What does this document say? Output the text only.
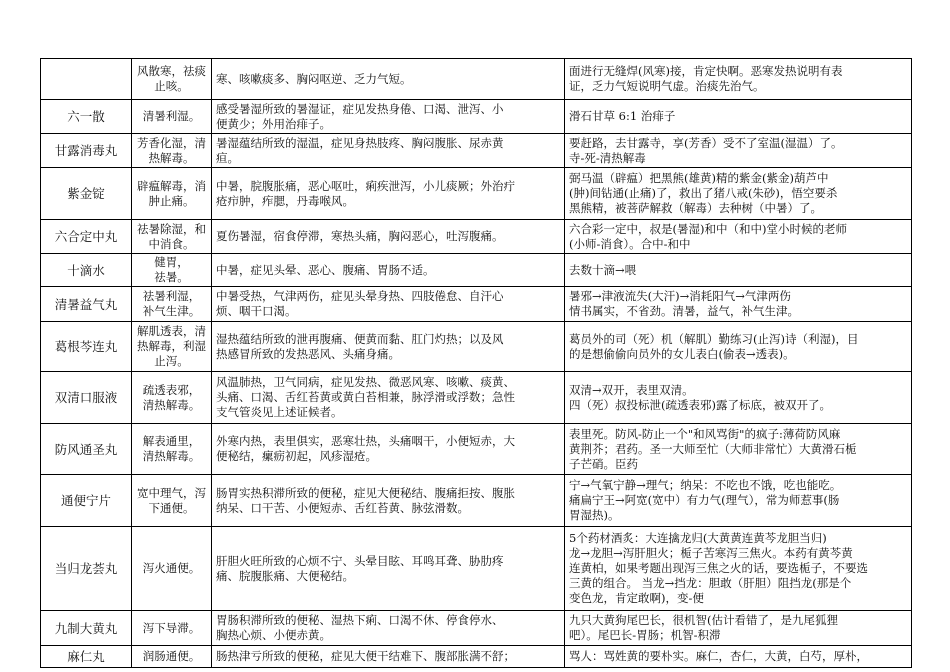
	风散寒，祛痰
止咳。	寒、咳嗽痰多、胸闷呕逆、乏力气短。	面进行无缝焊(风寒)接，肯定快啊。恶寒发热说明有表
证，乏力气短说明气虚。治痰先治气。

六一散	清暑利湿。	感受暑湿所致的暑湿证，症见发热身倦、口渴、泄泻、小
便黄少；外用治痱子。	滑石甘草 6:1 治痱子

甘露消毒丸	芳香化湿，清
热解毒。	暑湿蕴结所致的湿温，症见身热肢疼、胸闷腹胀、尿赤黄
疸。	要赶路，去甘露寺，享(芳香）受不了室温(湿温）了。
寺-死-清热解毒

紫金锭	辟瘟解毒，消
肿止痛。	中暑，脘腹胀痛，恶心呕吐，痢疾泄泻，小儿痰厥；外治疔
疮疖肿，痄腮，丹毒喉风。	弼马温（辟瘟）把黑熊(雄黄)精的紫金(紫金)葫芦中
(肿)间钻通(止痛)了，救出了猪八戒(朱砂)，悟空要杀
黑熊精，被菩萨解救（解毒）去种树（中暑）了。

六合定中丸	祛暑除湿，和
中消食。	夏伤暑湿，宿食停滞，寒热头痛，胸闷恶心，吐泻腹痛。	六合彩一定中，叔是(暑湿)和中（和中)堂小时候的老师
(小师-消食）。合中-和中

十滴水	健胃，
祛暑。	中暑，症见头晕、恶心、腹痛、胃肠不适。	去数十滴→喂

清暑益气丸	祛暑利湿，
补气生津。	中暑受热，气津两伤，症见头晕身热、四肢倦怠、自汗心
烦、咽干口渴。	暑邪→津液流失(大汗)→消耗阳气→气津两伤
情书属实，不省劲。清暑，益气，补气生津。

葛根芩连丸	解肌透表，清
热解毒，利湿
止泻。	湿热蕴结所致的泄再腹痛、便黄而黏、肛门灼热；以及风
热感冒所致的发热恶风、头痛身痛。	葛员外的司（死）机（解肌）勤练习(止泻)诗（利湿)，目
的是想偷偷向员外的女儿表白(偷表→透表)。

双清口服液	疏透表邪，
清热解毒。	风温肺热，卫气同病，症见发热、微恶风寒、咳嗽、痰黄、
头痛、口渴、舌红苔黄或黄白苔相兼，脉浮滑或浮数；急性
支气管炎见上述证候者。	双清→双开，表里双清。
四（死）叔投标泄(疏透表邪)露了标底，被双开了。

防风通圣丸	解表通里，
清热解毒。	外寒内热，表里俱实，恶寒壮热，头痛咽干，小便短赤，大
便秘结，瘰疬初起，风疹湿疮。	表里死。防风-防止一个"和风骂街"的疯子:薄荷防风麻
黄荆芥；君药。圣一大师至忙（大师非常忙）大黄滑石栀
子芒硝。臣药

通便宁片	宽中理气，泻
下通便。	肠胃实热积滞所致的便秘，症见大便秘结、腹痛拒按、腹胀
纳呆、口干苦、小便短赤、舌红苔黄、脉弦滑数。	宁→气氧宁静→理气；纳呆：不吃也不饿，吃也能吃。
痛扁宁王→阿宽(宽中）有力气(理气），常为师惹事(肠
胃湿热)。

当归龙荟丸	泻火通便。	肝胆火旺所致的心烦不宁、头晕目眩、耳鸣耳聋、胁肋疼
痛、脘腹胀痛、大便秘结。	5个药材酒炙：大连擒龙归(大黄黄连黄芩龙胆当归)
龙→龙胆→泻肝胆火；栀子苦寒泻三焦火。本药有黄芩黄
连黄柏，如果考题出现泻三焦之火的话，要选栀子，不要选
三黄的组合。 当龙→挡龙：胆敢（肝胆）阻挡龙(那是个
变色龙，肯定敢啊)，变-便

九制大黄丸	泻下导滞。	胃肠积滞所致的便秘、湿热下痢、口渴不休、停食停水、
胸热心烦、小便赤黄。	九只大黄狗尾巴长，很机智(估计看错了，是九尾狐狸
吧）。尾巴长-胃肠；机智-积滞

麻仁丸	润肠通便。	肠热津亏所致的便秘，症见大便干结难下、腹部胀满不舒；	骂人：骂姓黄的要朴实。麻仁，杏仁，大黄，白芍，厚朴，
